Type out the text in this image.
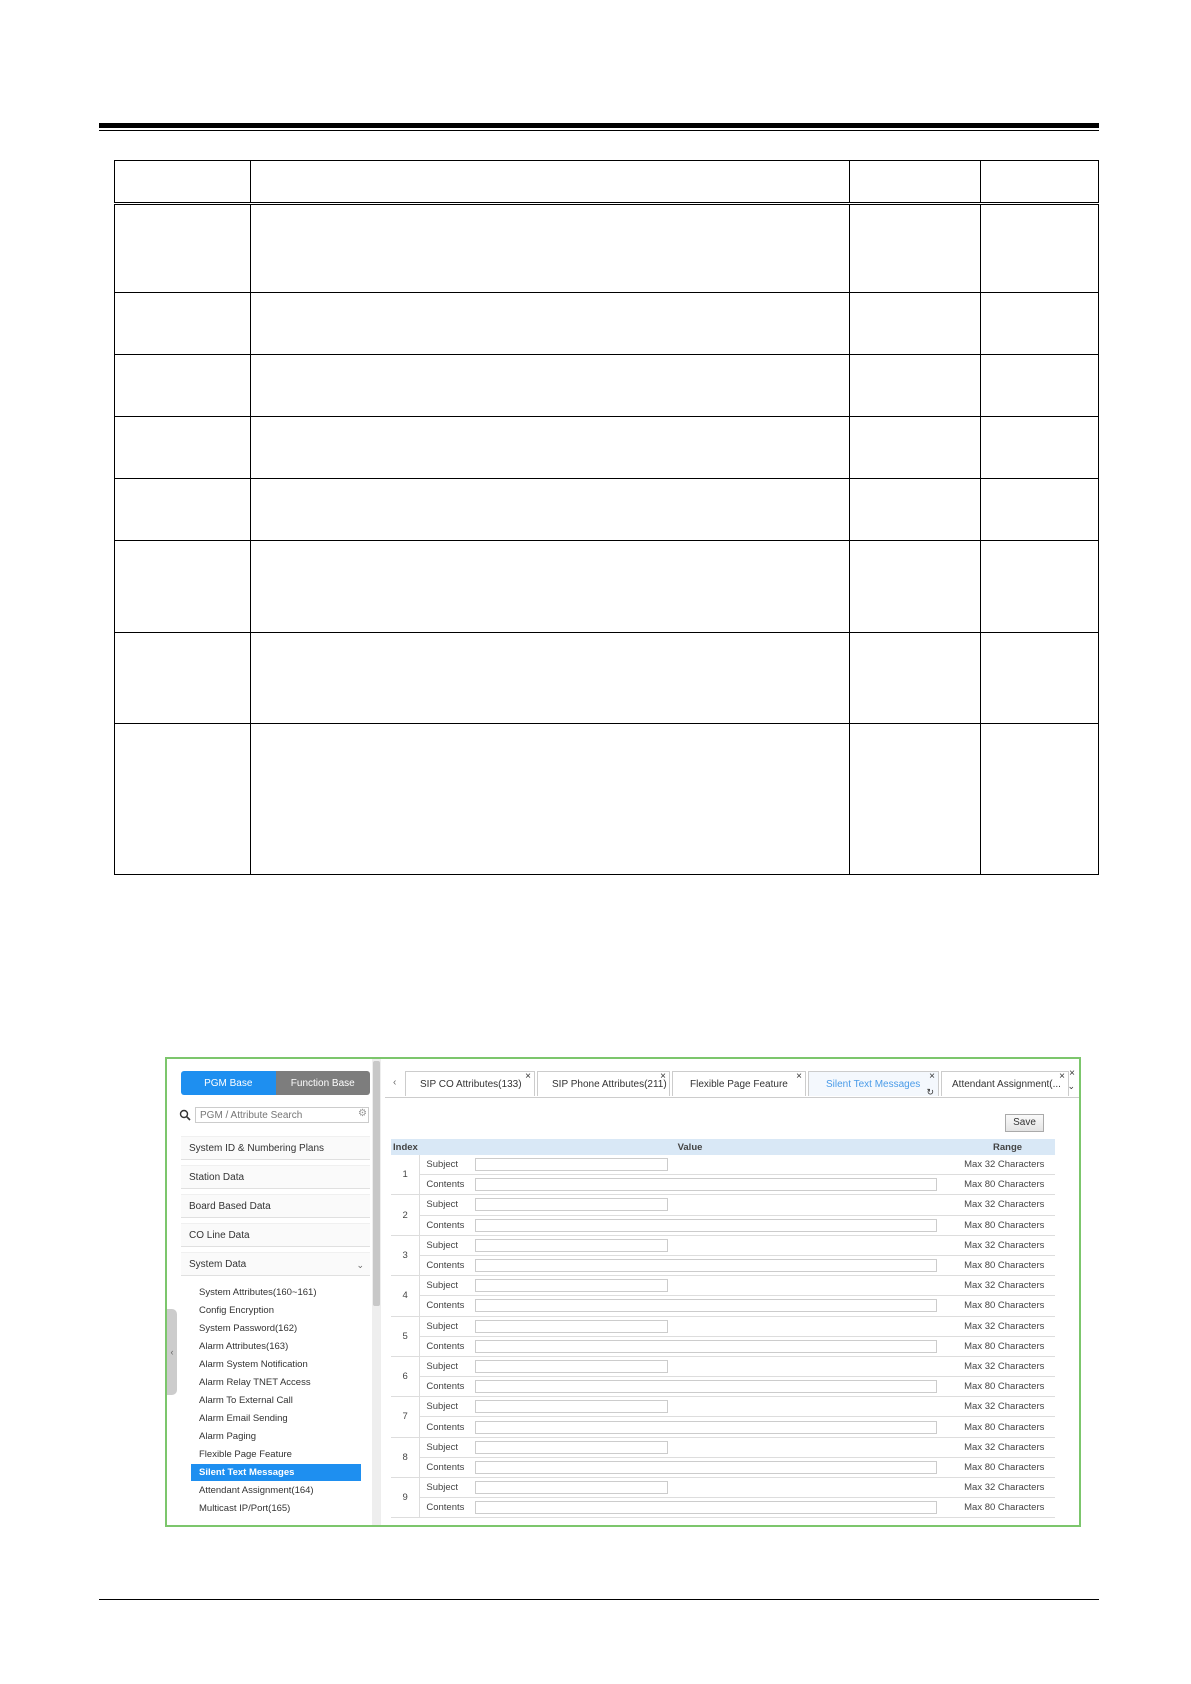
‹
PGM Base	Function Base
PGM / Attribute Search
⚙
System ID & Numbering Plans
Station Data
Board Based Data
CO Line Data
System Data	⌄
System Attributes(160~161)
Config Encryption
System Password(162)
Alarm Attributes(163)
Alarm System Notification
Alarm Relay TNET Access
Alarm To External Call
Alarm Email Sending
Alarm Paging
Flexible Page Feature
Silent Text Messages
Attendant Assignment(164)
Multicast IP/Port(165)
‹	SIP CO Attributes(133)
×
SIP Phone Attributes(211)
×
Flexible Page Feature
×
Silent Text Messages
×
↻
Attendant Assignment(...
× ×
⌄
Save
Index	Value		Range
1	Subject		Max 32 Characters
	Contents		Max 80 Characters
2	Subject		Max 32 Characters
	Contents		Max 80 Characters
3	Subject		Max 32 Characters
	Contents		Max 80 Characters
4	Subject		Max 32 Characters
	Contents		Max 80 Characters
5	Subject		Max 32 Characters
	Contents		Max 80 Characters
6	Subject		Max 32 Characters
	Contents		Max 80 Characters
7	Subject		Max 32 Characters
	Contents		Max 80 Characters
8	Subject		Max 32 Characters
	Contents		Max 80 Characters
9	Subject		Max 32 Characters
	Contents		Max 80 Characters
